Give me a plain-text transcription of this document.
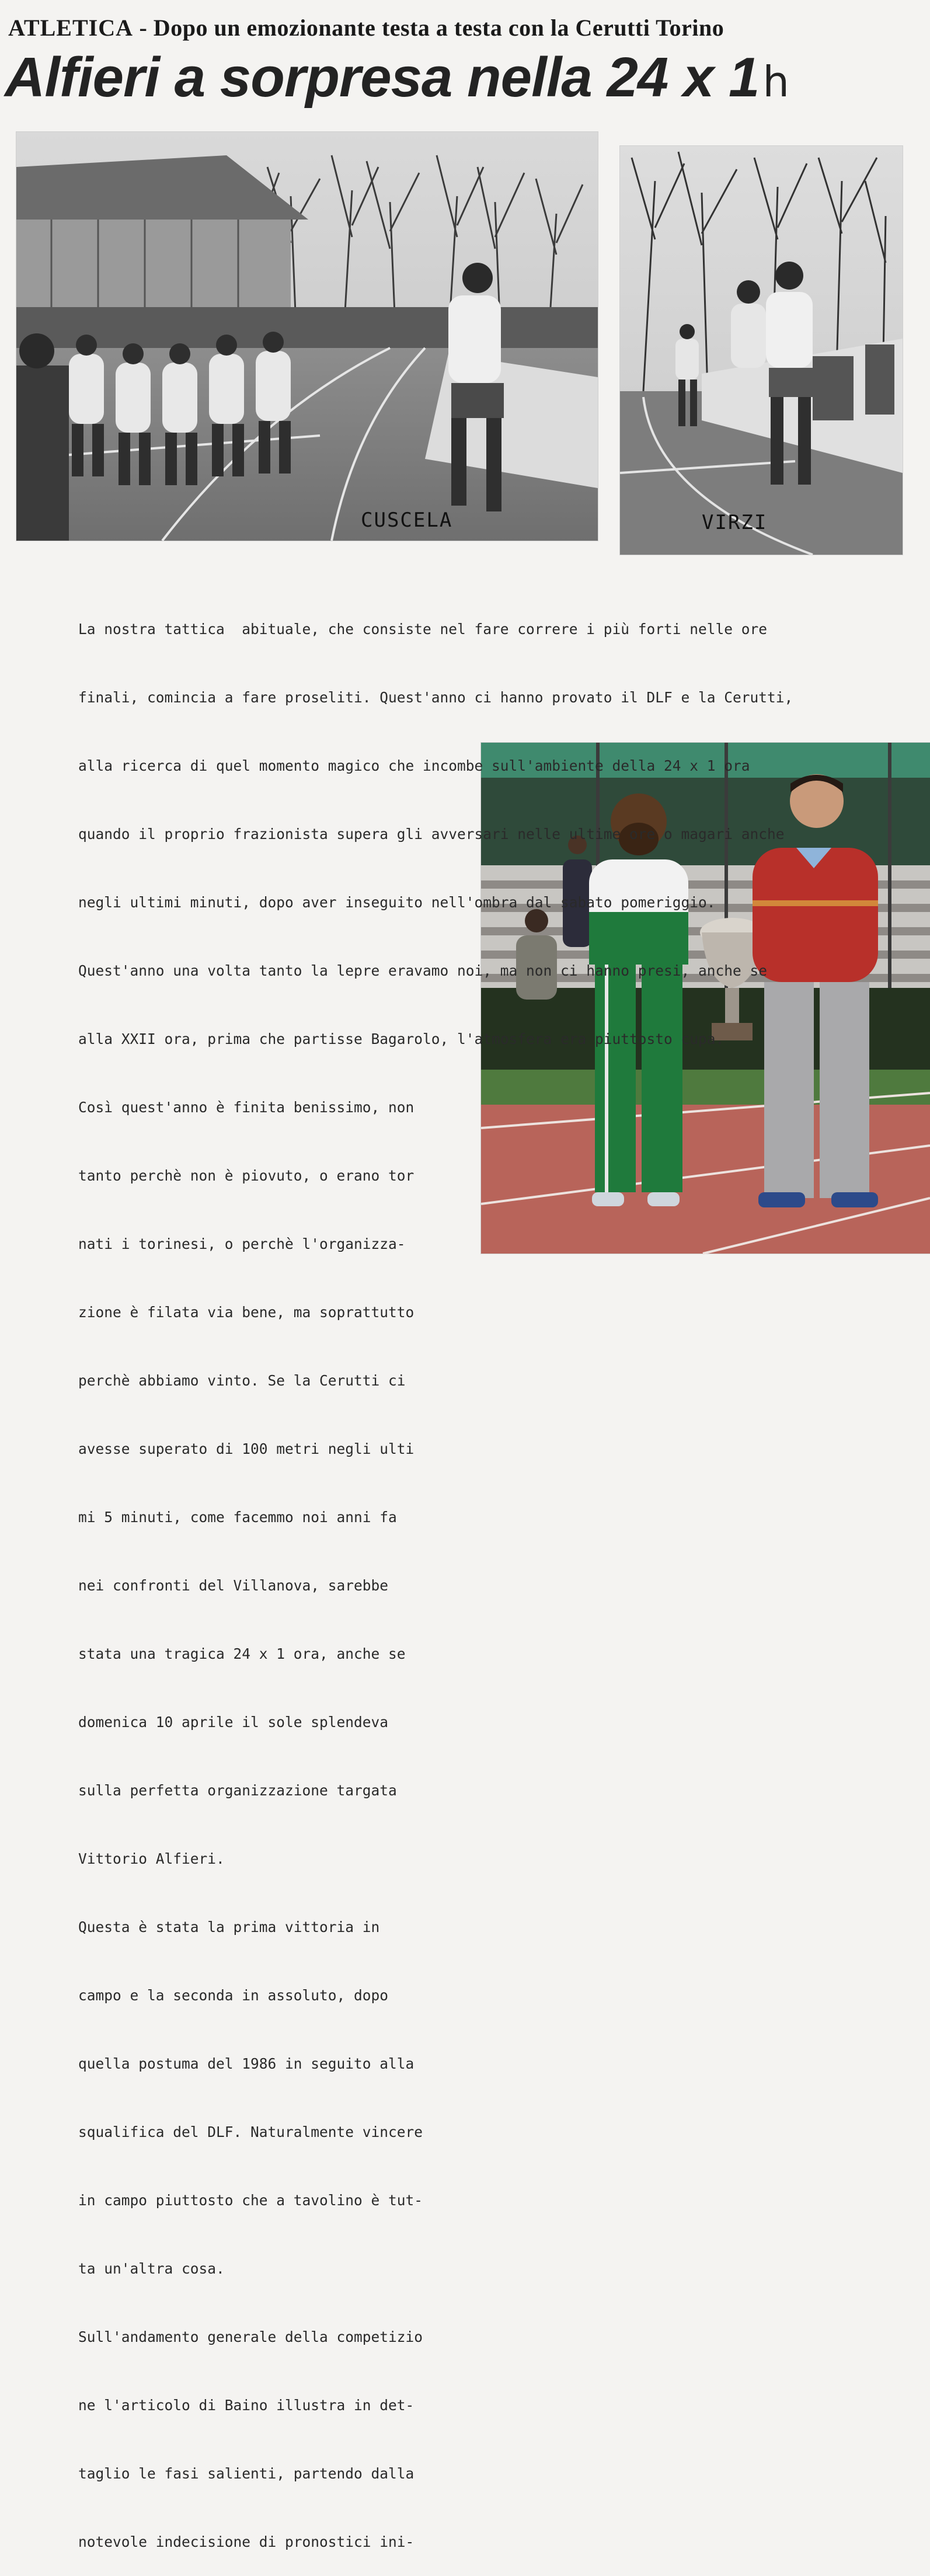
ATLETICA - Dopo un emozionante testa a testa con la Cerutti Torino
Alfieri a sorpresa nella 24 x 1h
CUSCELA	VIRZI

La nostra tattica  abituale, che consiste nel fare correre i più forti nelle ore

finali, comincia a fare proseliti. Quest'anno ci hanno provato il DLF e la Cerutti,

alla ricerca di quel momento magico che incombe sull'ambiente della 24 x 1 ora

quando il proprio frazionista supera gli avversari nelle ultime ore o magari anche

negli ultimi minuti, dopo aver inseguito nell'ombra dal sabato pomeriggio.

Quest'anno una volta tanto la lepre eravamo noi, ma non ci hanno presi, anche se

alla XXII ora, prima che partisse Bagarolo, l'atmosfera era piuttosto cupa.

Così quest'anno è finita benissimo, non

tanto perchè non è piovuto, o erano tor

nati i torinesi, o perchè l'organizza-

zione è filata via bene, ma soprattutto

perchè abbiamo vinto. Se la Cerutti ci

avesse superato di 100 metri negli ulti

mi 5 minuti, come facemmo noi anni fa

nei confronti del Villanova, sarebbe

stata una tragica 24 x 1 ora, anche se

domenica 10 aprile il sole splendeva

sulla perfetta organizzazione targata

Vittorio Alfieri.

Questa è stata la prima vittoria in

campo e la seconda in assoluto, dopo

quella postuma del 1986 in seguito alla

squalifica del DLF. Naturalmente vincere

in campo piuttosto che a tavolino è tut-

ta un'altra cosa.

Sull'andamento generale della competizio

ne l'articolo di Baino illustra in det-

taglio le fasi salienti, partendo dalla

notevole indecisione di pronostici ini-
